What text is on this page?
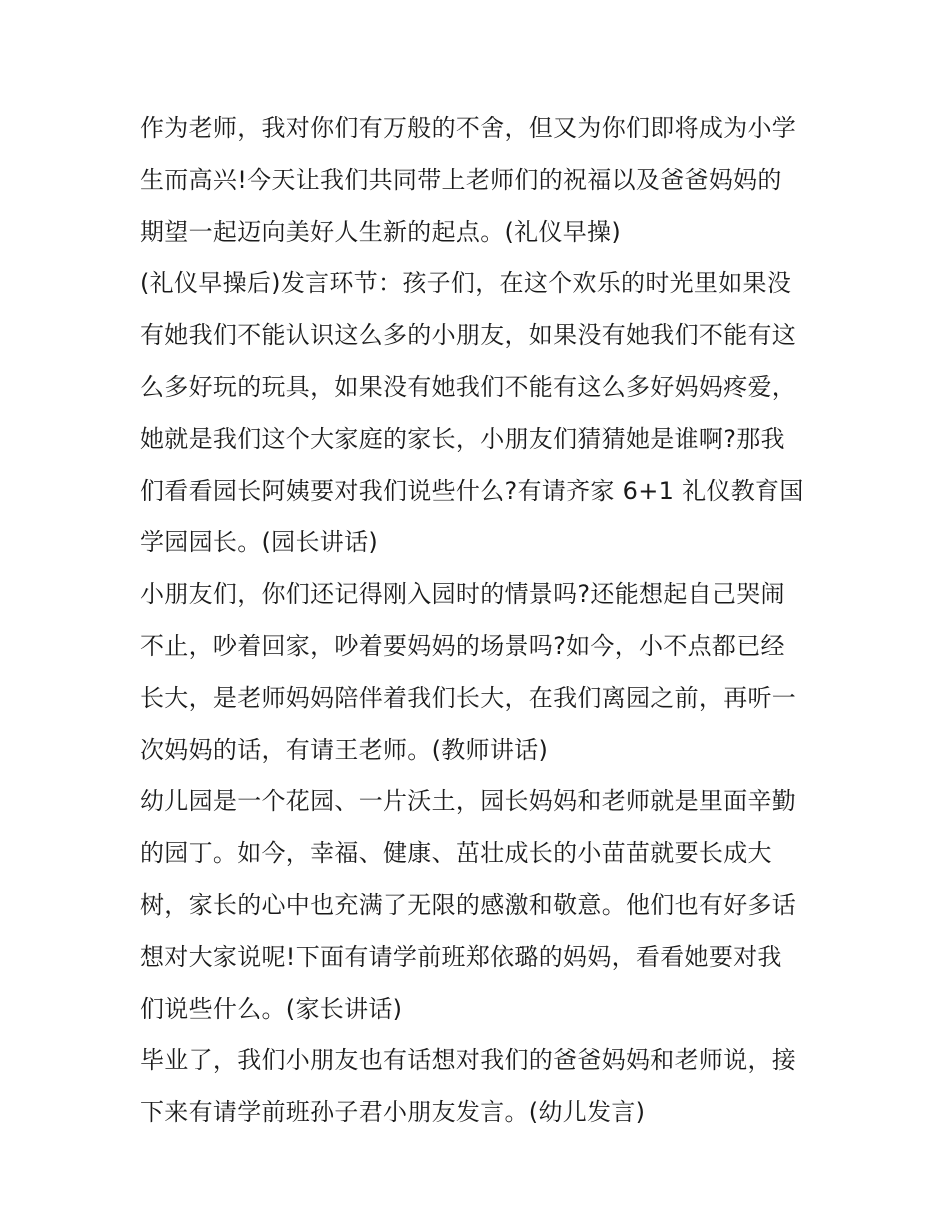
作为老师，我对你们有万般的不舍，但又为你们即将成为小学
生而高兴!今天让我们共同带上老师们的祝福以及爸爸妈妈的
期望一起迈向美好人生新的起点。(礼仪早操)
(礼仪早操后)发言环节：孩子们，在这个欢乐的时光里如果没
有她我们不能认识这么多的小朋友，如果没有她我们不能有这
么多好玩的玩具，如果没有她我们不能有这么多好妈妈疼爱，
她就是我们这个大家庭的家长，小朋友们猜猜她是谁啊?那我
们看看园长阿姨要对我们说些什么?有请齐家 6+1 礼仪教育国
学园园长。(园长讲话)
小朋友们，你们还记得刚入园时的情景吗?还能想起自己哭闹
不止，吵着回家，吵着要妈妈的场景吗?如今，小不点都已经
长大，是老师妈妈陪伴着我们长大，在我们离园之前，再听一
次妈妈的话，有请王老师。(教师讲话)
幼儿园是一个花园、一片沃土，园长妈妈和老师就是里面辛勤
的园丁。如今，幸福、健康、茁壮成长的小苗苗就要长成大
树，家长的心中也充满了无限的感激和敬意。他们也有好多话
想对大家说呢!下面有请学前班郑依璐的妈妈，看看她要对我
们说些什么。(家长讲话)
毕业了，我们小朋友也有话想对我们的爸爸妈妈和老师说，接
下来有请学前班孙子君小朋友发言。(幼儿发言)
